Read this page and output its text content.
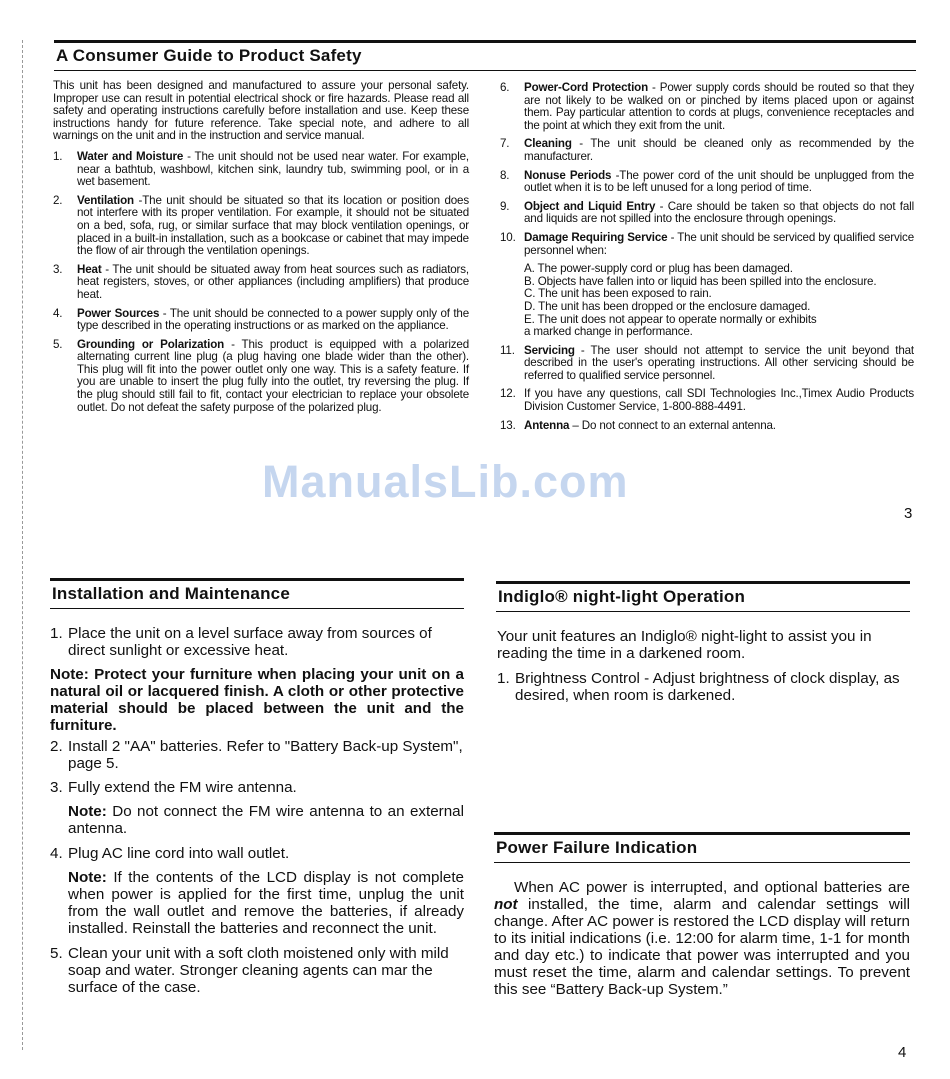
A Consumer Guide to Product Safety

This unit has been designed and manufactured to assure your personal safety. Improper use can result in potential electrical shock or fire hazards. Please read all safety and operating instructions carefully before installation and use. Keep these instructions handy for future reference. Take special note, and adhere to all warnings on the unit and in the instruction and service manual.

1.	Water and Moisture - The unit should not be used near water. For example, near a bathtub, washbowl, kitchen sink, laundry tub, swimming pool, or in a wet basement.
2.	Ventilation -The unit should be situated so that its location or position does not interfere with its proper ventilation. For example, it should not be situated on a bed, sofa, rug, or similar surface that may block ventilation openings, or placed in a built-in installation, such as a bookcase or cabinet that may impede the flow of air through the ventilation openings.
3.	Heat - The unit should be situated away from heat sources such as radiators, heat registers, stoves, or other appliances (including amplifiers) that produce heat.
4.	Power Sources - The unit should be connected to a power supply only of the type described in the operating instructions or as marked on the appliance.
5.	Grounding or Polarization - This product is equipped with a polarized alternating current line plug (a plug having one blade wider than the other). This plug will fit into the power outlet only one way. This is a safety feature. If you are unable to insert the plug fully into the outlet, try reversing the plug. If the plug should still fail to fit, contact your electrician to replace your obsolete outlet. Do not defeat the safety purpose of the polarized plug.
6.	Power-Cord Protection - Power supply cords should be routed so that they are not likely to be walked on or pinched by items placed upon or against them. Pay particular attention to cords at plugs, convenience receptacles and the point at which they exit from the unit.
7.	Cleaning - The unit should be cleaned only as recommended by the manufacturer.
8.	Nonuse Periods -The power cord of the unit should be unplugged from the outlet when it is to be left unused for a long period of time.
9.	Object and Liquid Entry - Care should be taken so that objects do not fall and liquids are not spilled into the enclosure through openings.
10. Damage Requiring Service - The unit should be serviced by qualified service personnel when:
A. The power-supply cord or plug has been damaged.
B. Objects have fallen into or liquid has been spilled into the enclosure.
C. The unit has been exposed to rain.
D. The unit has been dropped or the enclosure damaged.
E. The unit does not appear to operate normally or exhibits
a marked change in performance.
11. Servicing - The user should not attempt to service the unit beyond that described in the user's operating instructions. All other servicing should be referred to qualified service personnel.
12. If you have any questions, call SDI Technologies Inc.,Timex Audio Products Division Customer Service, 1-800-888-4491.
13. Antenna – Do not connect to an external antenna.
ManualsLib.com
3
Installation and Maintenance
1. Place the unit on a level surface away from sources of direct sunlight or excessive heat.
Note: Protect your furniture when placing your unit on a natural oil or lacquered finish. A cloth or other protective material should be placed between the unit and the furniture.
2. Install 2 "AA" batteries. Refer to "Battery Back-up System", page 5.
3. Fully extend the FM wire antenna.
Note: Do not connect the FM wire antenna to an external antenna.
4. Plug AC line cord into wall outlet.
Note: If the contents of the LCD display is not complete when power is applied for the first time, unplug the unit from the wall outlet and remove the batteries, if already installed. Reinstall the batteries and reconnect the unit.
5. Clean your unit with a soft cloth moistened only with mild soap and water. Stronger cleaning agents can mar the surface of the case.
Indiglo® night-light Operation

Your unit features an Indiglo® night-light to assist you in reading the time in a darkened room.

1. Brightness Control - Adjust brightness of clock display, as desired, when room is darkened.
Power Failure Indication

When AC power is interrupted, and optional batteries are not installed, the time, alarm and calendar settings will change. After AC power is restored the LCD display will return to its initial indications (i.e. 12:00 for alarm time, 1-1 for month and day etc.) to indicate that power was interrupted and you must reset the time, alarm and calendar settings. To prevent this see “Battery Back-up System.”

4
